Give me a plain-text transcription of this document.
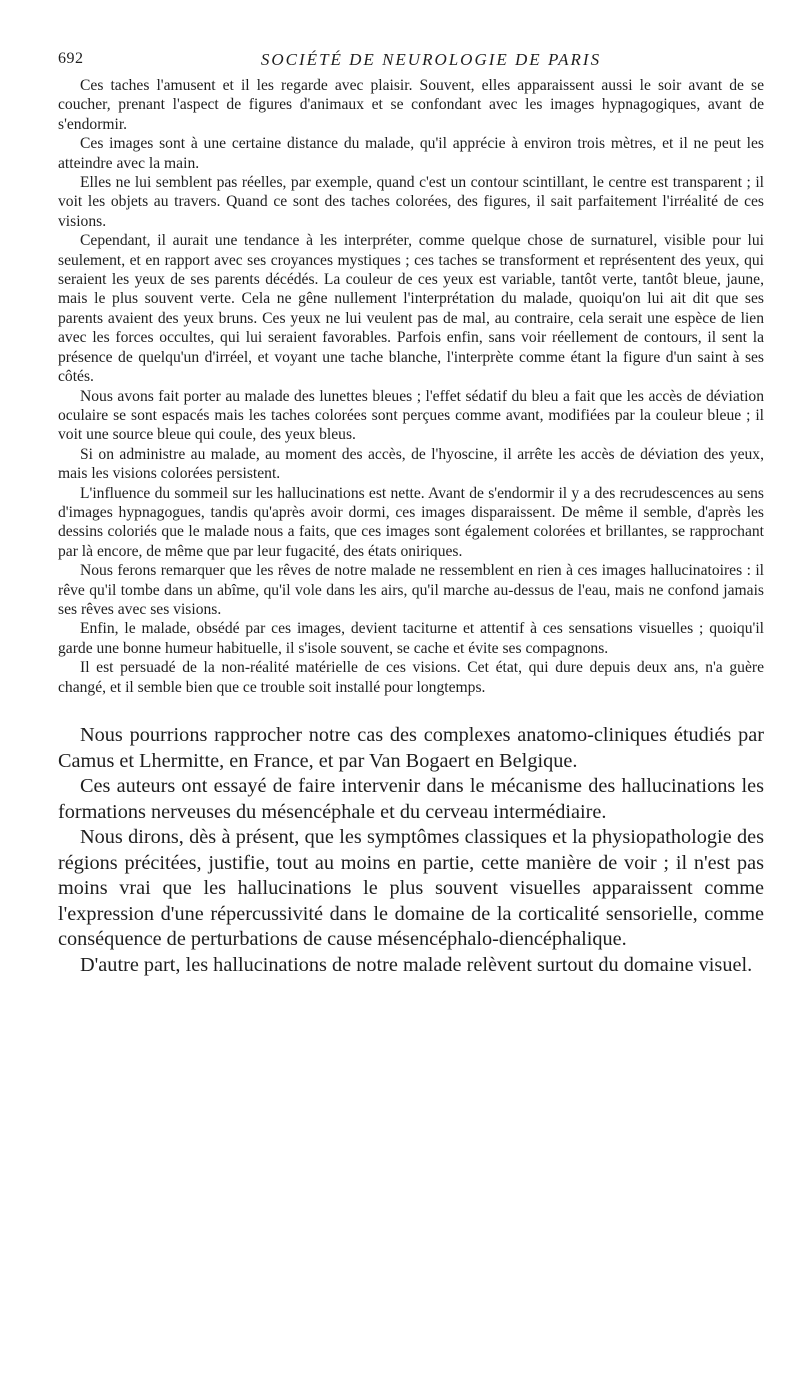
692	SOCIÉTÉ DE NEUROLOGIE DE PARIS

Ces taches l'amusent et il les regarde avec plaisir. Souvent, elles apparaissent aussi le soir avant de se coucher, prenant l'aspect de figures d'animaux et se confondant avec les images hypnagogiques, avant de s'endormir.

Ces images sont à une certaine distance du malade, qu'il apprécie à environ trois mètres, et il ne peut les atteindre avec la main.

Elles ne lui semblent pas réelles, par exemple, quand c'est un contour scintillant, le centre est transparent ; il voit les objets au travers. Quand ce sont des taches colorées, des figures, il sait parfaitement l'irréalité de ces visions.

Cependant, il aurait une tendance à les interpréter, comme quelque chose de surnaturel, visible pour lui seulement, et en rapport avec ses croyances mystiques ; ces taches se transforment et représentent des yeux, qui seraient les yeux de ses parents décédés. La couleur de ces yeux est variable, tantôt verte, tantôt bleue, jaune, mais le plus souvent verte. Cela ne gêne nullement l'interprétation du malade, quoiqu'on lui ait dit que ses parents avaient des yeux bruns. Ces yeux ne lui veulent pas de mal, au contraire, cela serait une espèce de lien avec les forces occultes, qui lui seraient favorables. Parfois enfin, sans voir réellement de contours, il sent la présence de quelqu'un d'irréel, et voyant une tache blanche, l'interprète comme étant la figure d'un saint à ses côtés.

Nous avons fait porter au malade des lunettes bleues ; l'effet sédatif du bleu a fait que les accès de déviation oculaire se sont espacés mais les taches colorées sont perçues comme avant, modifiées par la couleur bleue ; il voit une source bleue qui coule, des yeux bleus.

Si on administre au malade, au moment des accès, de l'hyoscine, il arrête les accès de déviation des yeux, mais les visions colorées persistent.

L'influence du sommeil sur les hallucinations est nette. Avant de s'endormir il y a des recrudescences au sens d'images hypnagogues, tandis qu'après avoir dormi, ces images disparaissent. De même il semble, d'après les dessins coloriés que le malade nous a faits, que ces images sont également colorées et brillantes, se rapprochant par là encore, de même que par leur fugacité, des états oniriques.

Nous ferons remarquer que les rêves de notre malade ne ressemblent en rien à ces images hallucinatoires : il rêve qu'il tombe dans un abîme, qu'il vole dans les airs, qu'il marche au-dessus de l'eau, mais ne confond jamais ses rêves avec ses visions.

Enfin, le malade, obsédé par ces images, devient taciturne et attentif à ces sensations visuelles ; quoiqu'il garde une bonne humeur habituelle, il s'isole souvent, se cache et évite ses compagnons.

Il est persuadé de la non-réalité matérielle de ces visions. Cet état, qui dure depuis deux ans, n'a guère changé, et il semble bien que ce trouble soit installé pour longtemps.

Nous pourrions rapprocher notre cas des complexes anatomo-cliniques étudiés par Camus et Lhermitte, en France, et par Van Bogaert en Belgique.

Ces auteurs ont essayé de faire intervenir dans le mécanisme des hallucinations les formations nerveuses du mésencéphale et du cerveau intermédiaire.

Nous dirons, dès à présent, que les symptômes classiques et la physiopathologie des régions précitées, justifie, tout au moins en partie, cette manière de voir ; il n'est pas moins vrai que les hallucinations le plus souvent visuelles apparaissent comme l'expression d'une répercussivité dans le domaine de la corticalité sensorielle, comme conséquence de perturbations de cause mésencéphalo-diencéphalique.

D'autre part, les hallucinations de notre malade relèvent surtout du domaine visuel.
